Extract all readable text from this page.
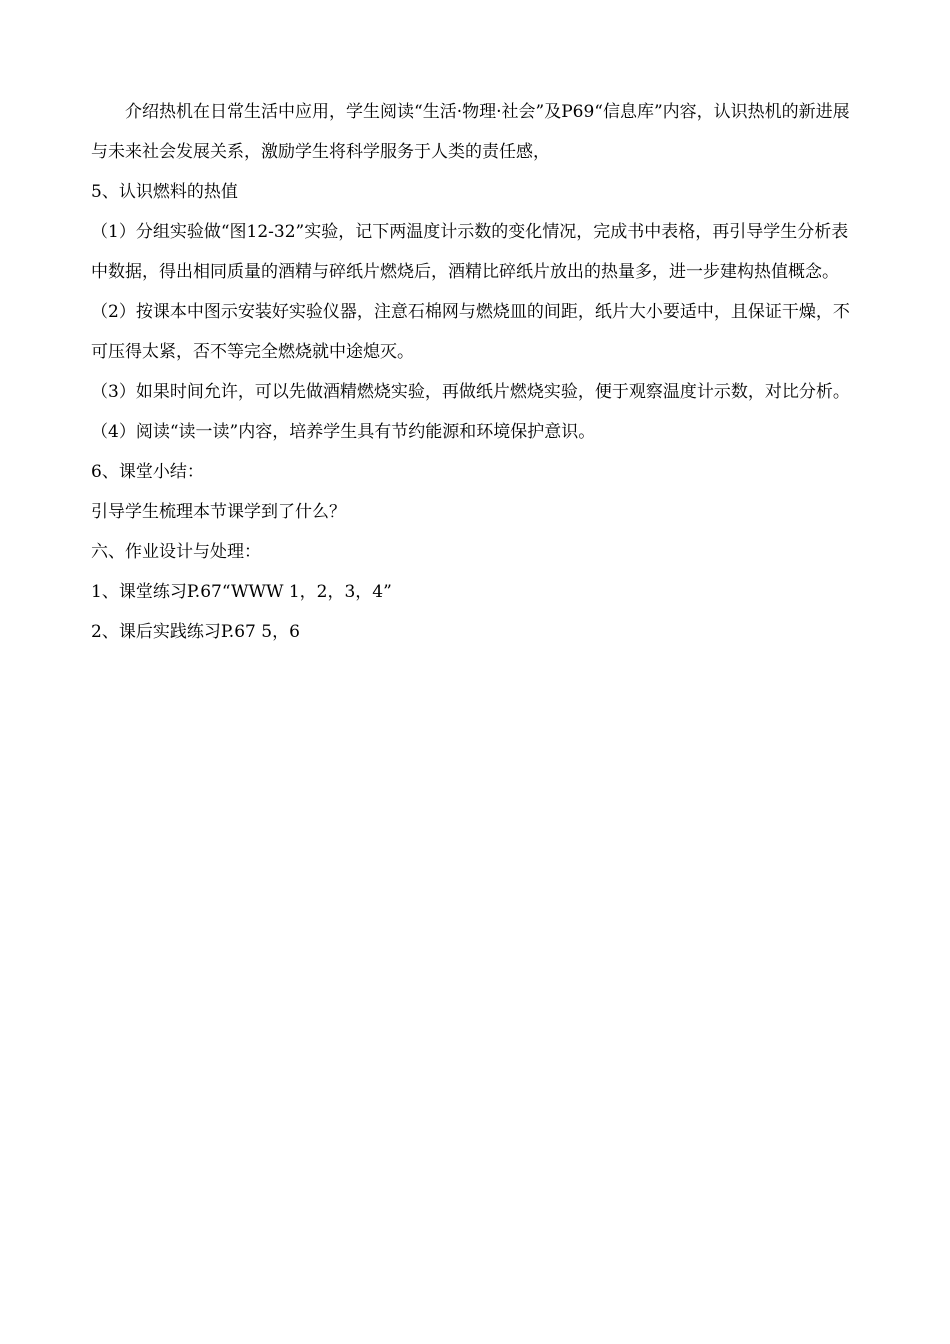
介绍热机在日常生活中应用，学生阅读“生活·物理·社会”及P69“信息库”内容，认识热机的新进展与未来社会发展关系，激励学生将科学服务于人类的责任感，

5、认识燃料的热值

（1）分组实验做“图12-32”实验，记下两温度计示数的变化情况，完成书中表格，再引导学生分析表中数据，得出相同质量的酒精与碎纸片燃烧后，酒精比碎纸片放出的热量多，进一步建构热值概念。

（2）按课本中图示安装好实验仪器，注意石棉网与燃烧皿的间距，纸片大小要适中，且保证干燥，不可压得太紧，否不等完全燃烧就中途熄灭。

（3）如果时间允许，可以先做酒精燃烧实验，再做纸片燃烧实验，便于观察温度计示数，对比分析。

（4）阅读“读一读”内容，培养学生具有节约能源和环境保护意识。

6、课堂小结：

引导学生梳理本节课学到了什么？

六、作业设计与处理：

1、课堂练习P.67“WWW 1，2，3，4”

2、课后实践练习P.67 5，6
